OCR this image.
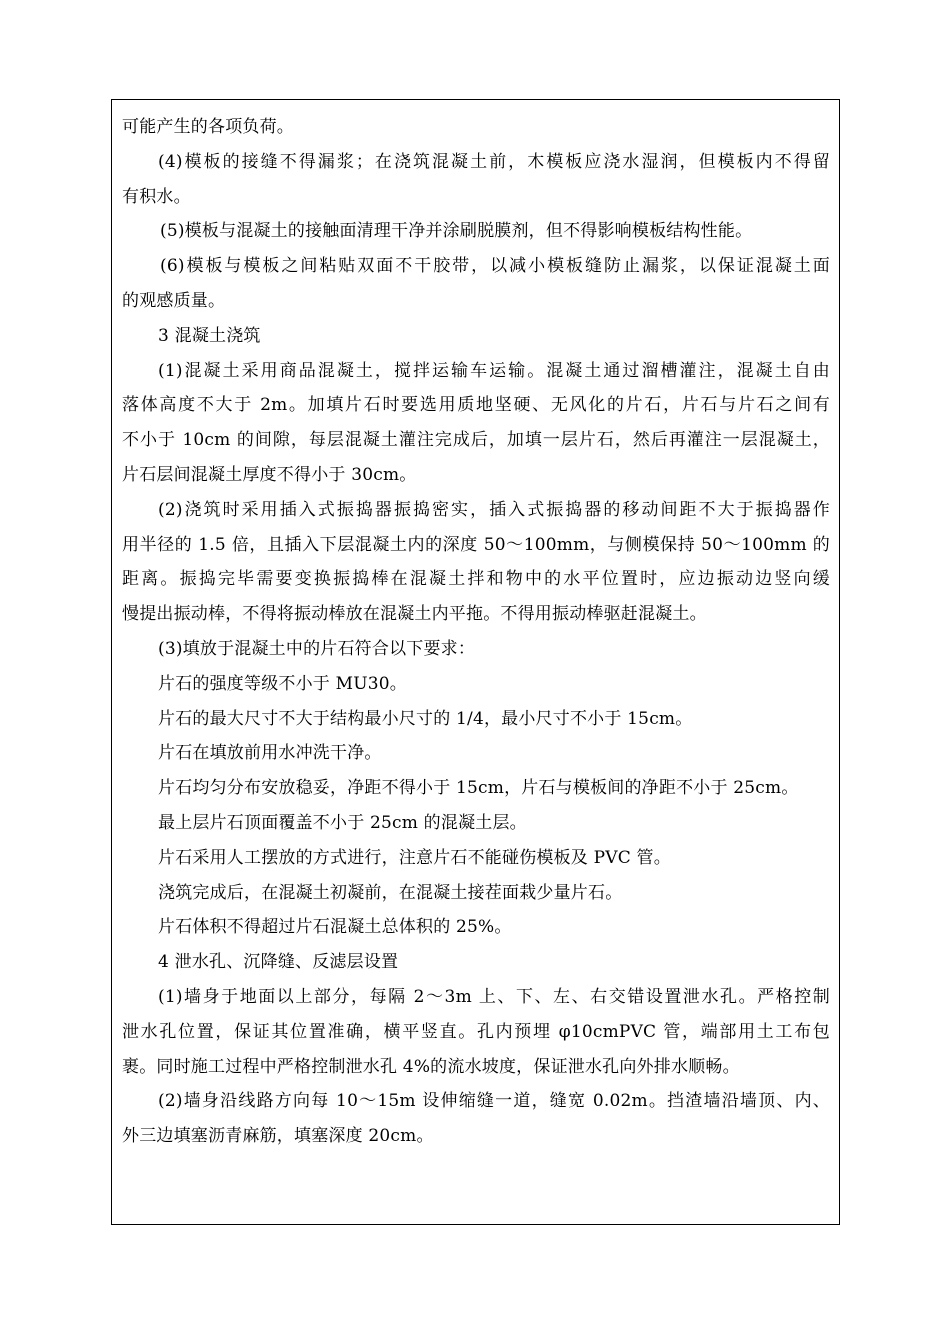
可能产生的各项负荷。
(4)模板的接缝不得漏浆；在浇筑混凝土前，木模板应浇水湿润，但模板内不得留
有积水。
(5)模板与混凝土的接触面清理干净并涂刷脱膜剂，但不得影响模板结构性能。
(6)模板与模板之间粘贴双面不干胶带，以减小模板缝防止漏浆，以保证混凝土面
的观感质量。
3 混凝土浇筑
(1)混凝土采用商品混凝土，搅拌运输车运输。混凝土通过溜槽灌注，混凝土自由
落体高度不大于 2m。加填片石时要选用质地坚硬、无风化的片石，片石与片石之间有
不小于 10cm 的间隙，每层混凝土灌注完成后，加填一层片石，然后再灌注一层混凝土，
片石层间混凝土厚度不得小于 30cm。
(2)浇筑时采用插入式振捣器振捣密实，插入式振捣器的移动间距不大于振捣器作
用半径的 1.5 倍，且插入下层混凝土内的深度 50～100mm，与侧模保持 50～100mm 的
距离。振捣完毕需要变换振捣棒在混凝土拌和物中的水平位置时，应边振动边竖向缓
慢提出振动棒，不得将振动棒放在混凝土内平拖。不得用振动棒驱赶混凝土。
(3)填放于混凝土中的片石符合以下要求：
片石的强度等级不小于 MU30。
片石的最大尺寸不大于结构最小尺寸的 1/4，最小尺寸不小于 15cm。
片石在填放前用水冲洗干净。
片石均匀分布安放稳妥，净距不得小于 15cm，片石与模板间的净距不小于 25cm。
最上层片石顶面覆盖不小于 25cm 的混凝土层。
片石采用人工摆放的方式进行，注意片石不能碰伤模板及 PVC 管。
浇筑完成后，在混凝土初凝前，在混凝土接茬面栽少量片石。
片石体积不得超过片石混凝土总体积的 25%。
4 泄水孔、沉降缝、反滤层设置
(1)墙身于地面以上部分，每隔 2～3m 上、下、左、右交错设置泄水孔。严格控制
泄水孔位置，保证其位置准确，横平竖直。孔内预埋 φ10cmPVC 管，端部用土工布包
裹。同时施工过程中严格控制泄水孔 4%的流水坡度，保证泄水孔向外排水顺畅。
(2)墙身沿线路方向每 10～15m 设伸缩缝一道，缝宽 0.02m。挡渣墙沿墙顶、内、
外三边填塞沥青麻筋，填塞深度 20cm。
